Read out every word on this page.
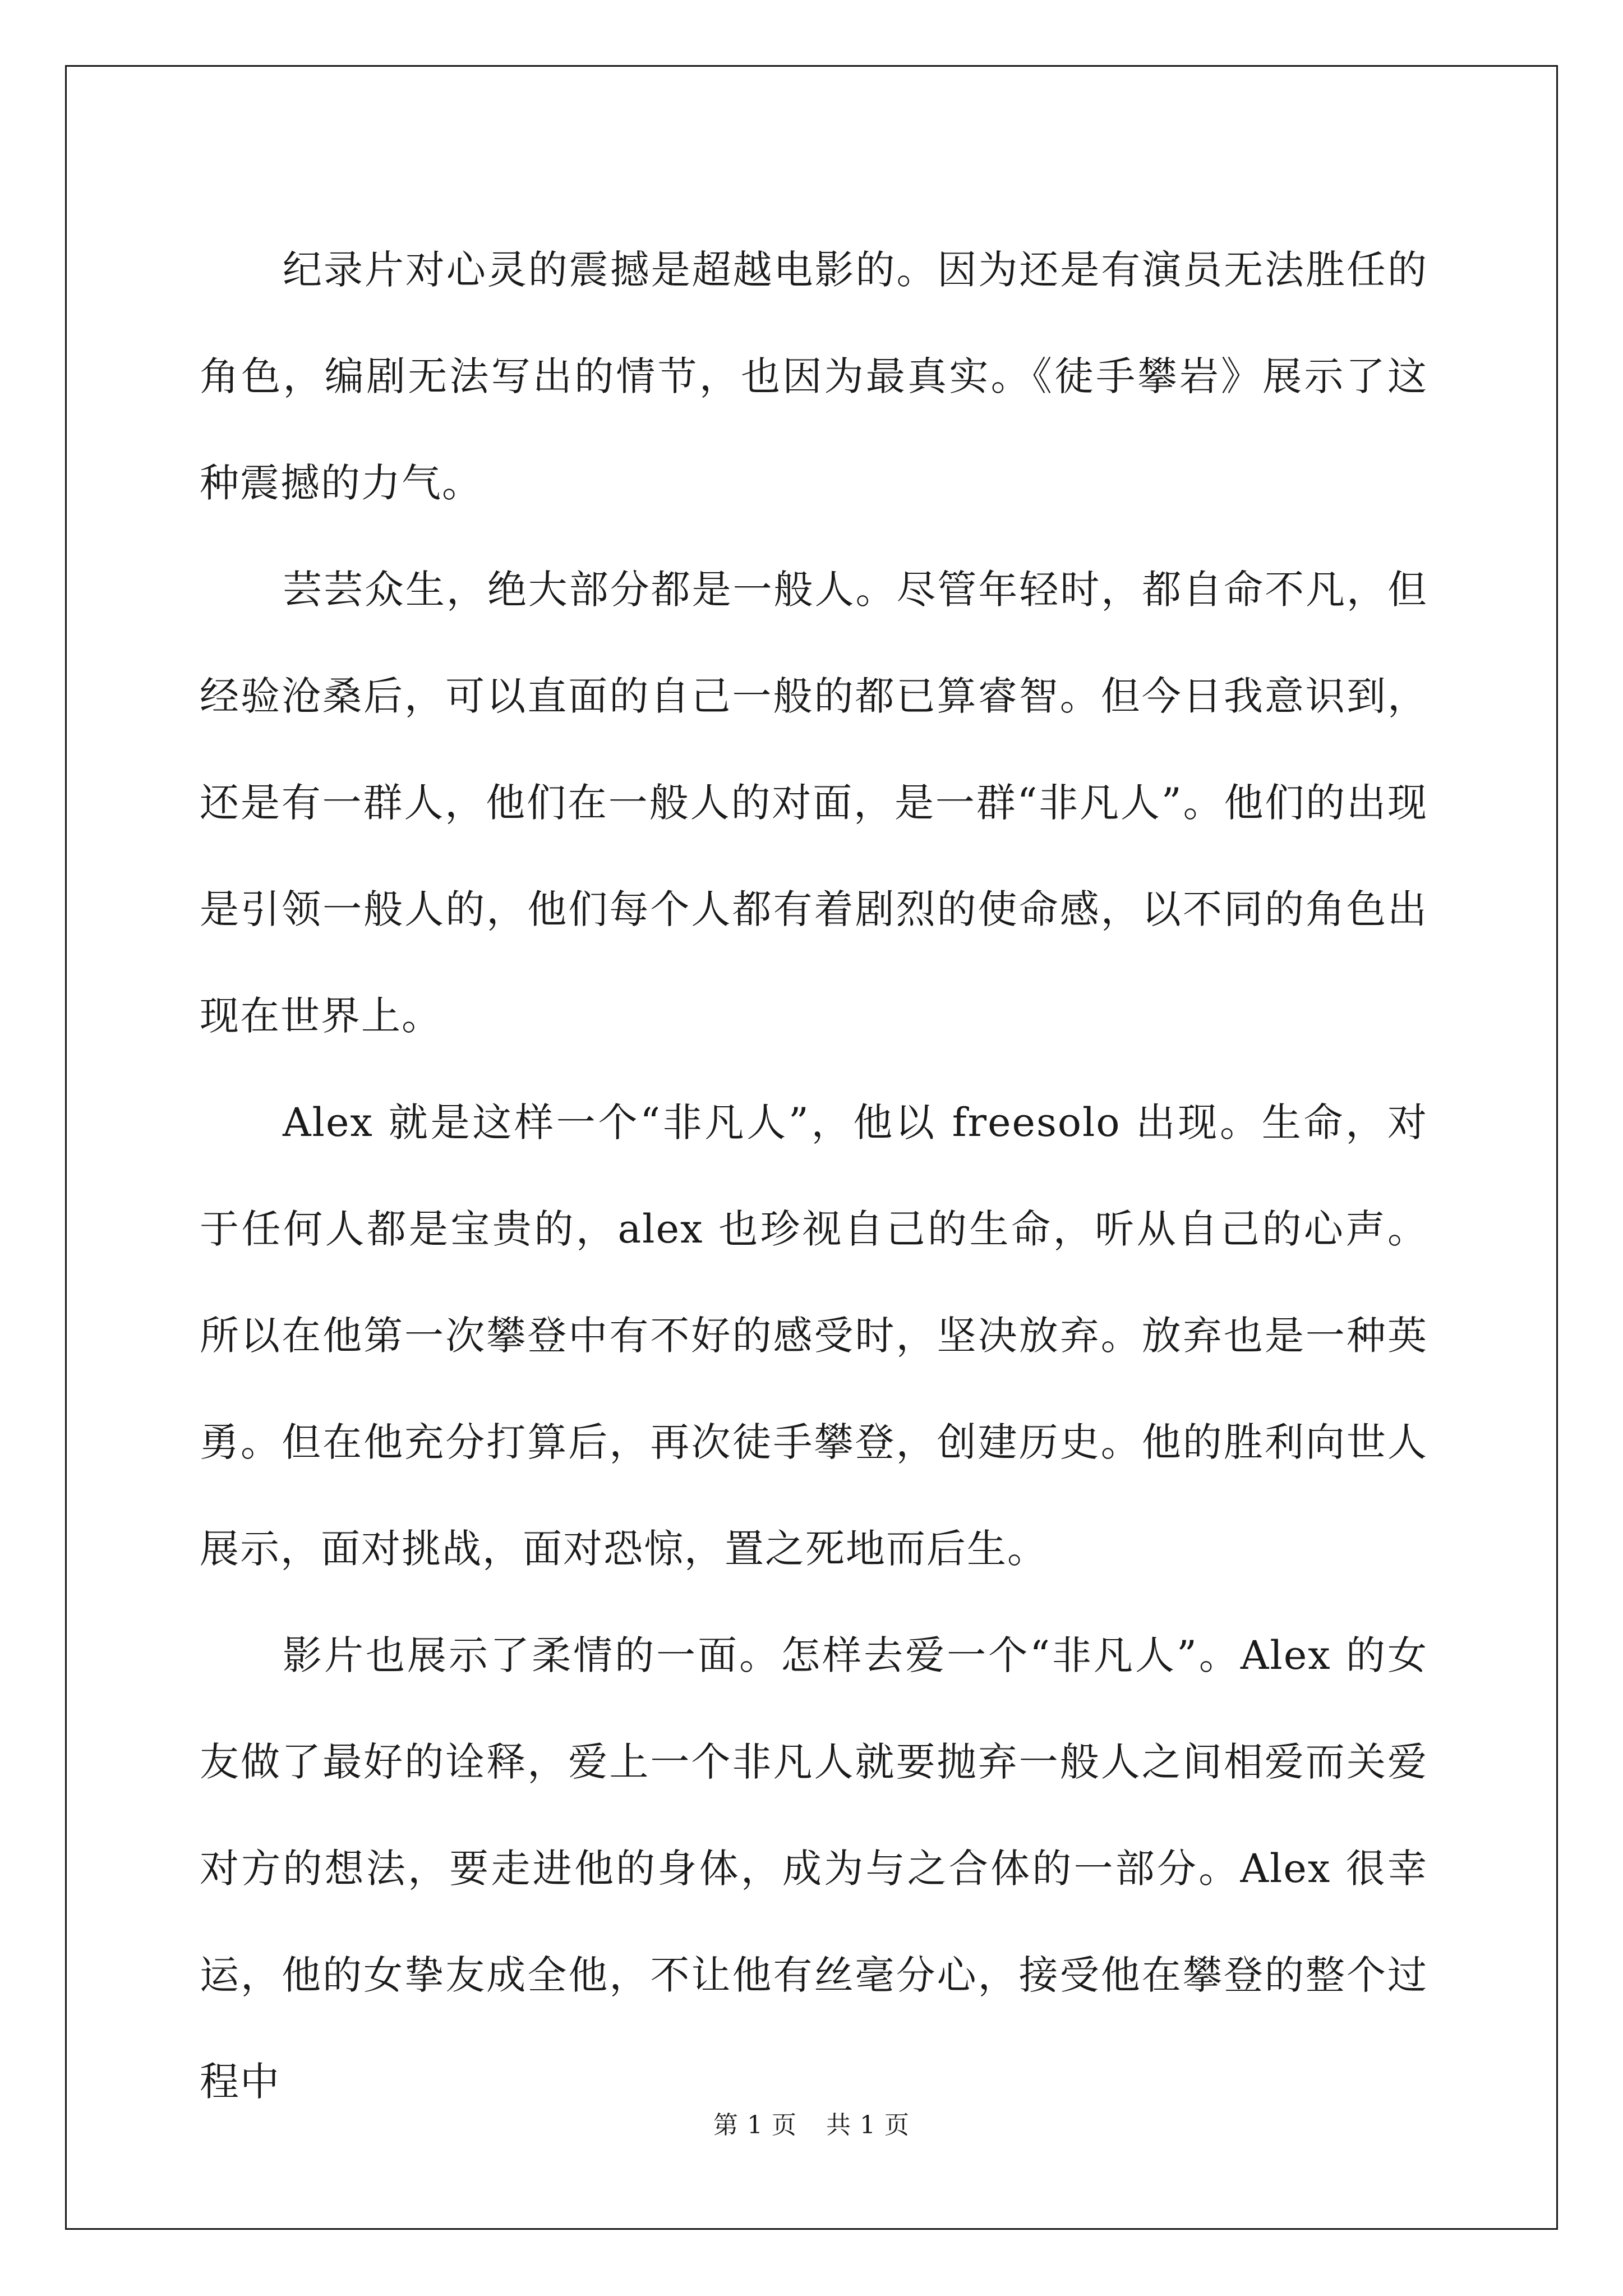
纪录片对心灵的震撼是超越电影的。因为还是有演员无法胜任的角色，编剧无法写出的情节，也因为最真实。《徒手攀岩》展示了这种震撼的力气。

芸芸众生，绝大部分都是一般人。尽管年轻时，都自命不凡，但经验沧桑后，可以直面的自己一般的都已算睿智。但今日我意识到，还是有一群人，他们在一般人的对面，是一群“非凡人”。他们的出现是引领一般人的，他们每个人都有着剧烈的使命感，以不同的角色出现在世界上。

Alex 就是这样一个“非凡人”，他以 freesolo 出现。生命，对于任何人都是宝贵的，alex 也珍视自己的生命，听从自己的心声。所以在他第一次攀登中有不好的感受时，坚决放弃。放弃也是一种英勇。但在他充分打算后，再次徒手攀登，创建历史。他的胜利向世人展示，面对挑战，面对恐惊，置之死地而后生。

影片也展示了柔情的一面。怎样去爱一个“非凡人”。Alex 的女友做了最好的诠释，爱上一个非凡人就要抛弃一般人之间相爱而关爱对方的想法，要走进他的身体，成为与之合体的一部分。Alex 很幸运，他的女挚友成全他，不让他有丝毫分心，接受他在攀登的整个过程中

第 1 页 共 1 页
